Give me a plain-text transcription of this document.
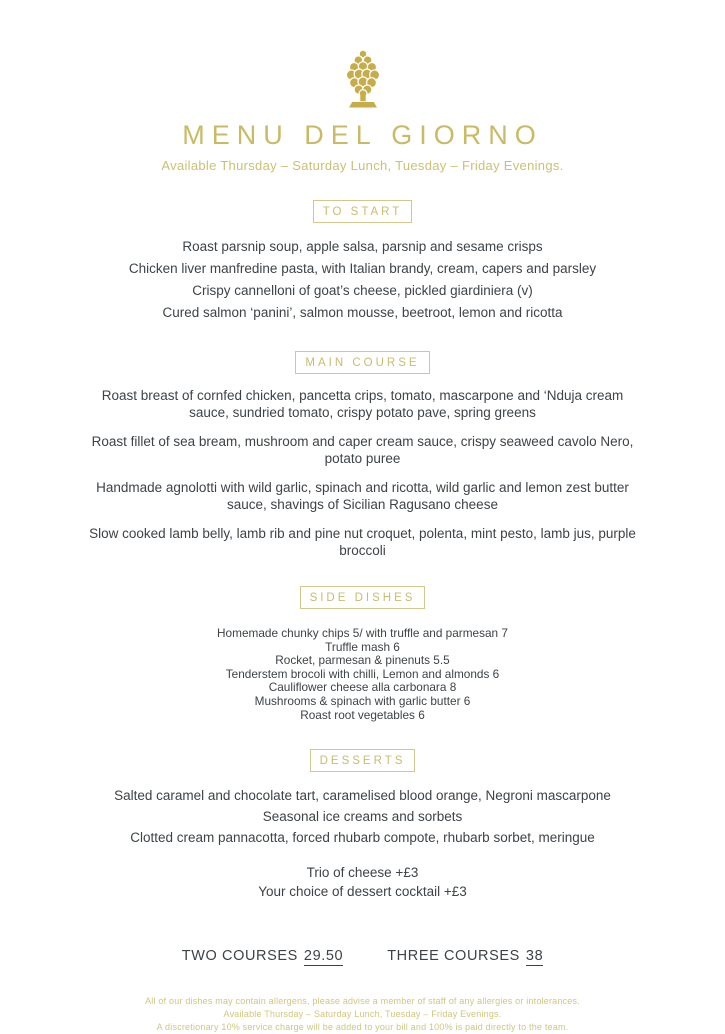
MENU DEL GIORNO
Available Thursday – Saturday Lunch, Tuesday – Friday Evenings.
TO START
Roast parsnip soup, apple salsa, parsnip and sesame crisps
Chicken liver manfredine pasta, with Italian brandy, cream, capers and parsley
Crispy cannelloni of goat’s cheese, pickled giardiniera (v)
Cured salmon ‘panini’, salmon mousse, beetroot, lemon and ricotta
MAIN COURSE
Roast breast of cornfed chicken, pancetta crips, tomato, mascarpone and ‘Nduja cream sauce, sundried tomato, crispy potato pave, spring greens
Roast fillet of sea bream, mushroom and caper cream sauce, crispy seaweed cavolo Nero, potato puree
Handmade agnolotti with wild garlic, spinach and ricotta, wild garlic and lemon zest butter sauce, shavings of Sicilian Ragusano cheese
Slow cooked lamb belly, lamb rib and pine nut croquet, polenta, mint pesto, lamb jus, purple broccoli
SIDE DISHES
Homemade chunky chips 5/ with truffle and parmesan 7
Truffle mash 6
Rocket, parmesan & pinenuts 5.5
Tenderstem brocoli with chilli, Lemon and almonds 6
Cauliflower cheese alla carbonara 8
Mushrooms & spinach with garlic butter 6
Roast root vegetables 6
DESSERTS
Salted caramel and chocolate tart, caramelised blood orange, Negroni mascarpone
Seasonal ice creams and sorbets
Clotted cream pannacotta, forced rhubarb compote, rhubarb sorbet, meringue
Trio of cheese +£3
Your choice of dessert cocktail +£3
TWO COURSES 29.50	THREE COURSES 38
All of our dishes may contain allergens, please advise a member of staff of any allergies or intolerances.
Available Thursday – Saturday Lunch, Tuesday – Friday Evenings.
A discretionary 10% service charge will be added to your bill and 100% is paid directly to the team.
